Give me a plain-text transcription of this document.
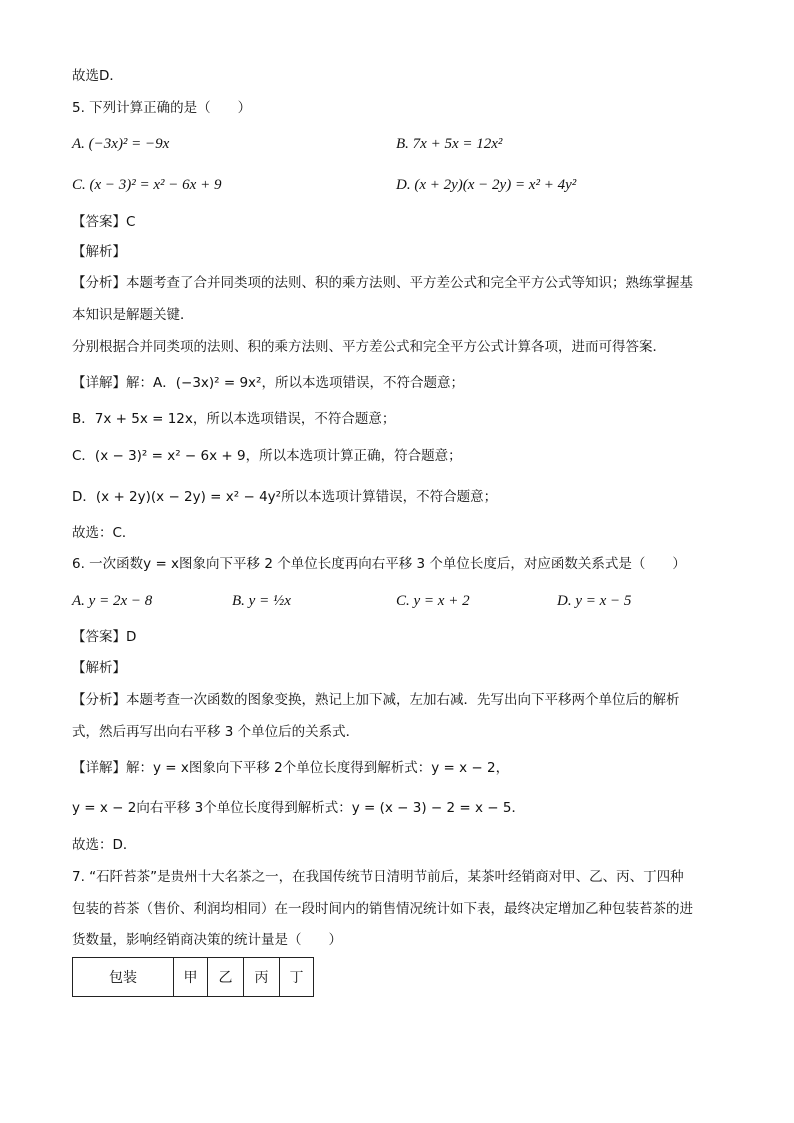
故选D．
5. 下列计算正确的是（　　）
A. (−3x)² = −9x	B. 7x + 5x = 12x²
C. (x − 3)² = x² − 6x + 9	D. (x + 2y)(x − 2y) = x² + 4y²
【答案】C
【解析】
【分析】本题考查了合并同类项的法则、积的乘方法则、平方差公式和完全平方公式等知识；熟练掌握基
本知识是解题关键．
分别根据合并同类项的法则、积的乘方法则、平方差公式和完全平方公式计算各项，进而可得答案．
【详解】解：A．(−3x)² = 9x²，所以本选项错误，不符合题意；
B．7x + 5x = 12x，所以本选项错误，不符合题意；
C．(x − 3)² = x² − 6x + 9，所以本选项计算正确，符合题意；
D．(x + 2y)(x − 2y) = x² − 4y²所以本选项计算错误，不符合题意；
故选：C．
6. 一次函数y = x图象向下平移 2 个单位长度再向右平移 3 个单位长度后，对应函数关系式是（　　）
A. y = 2x − 8	B. y = ½x	C. y = x + 2	D. y = x − 5
【答案】D
【解析】
【分析】本题考查一次函数的图象变换，熟记上加下减，左加右减．先写出向下平移两个单位后的解析
式，然后再写出向右平移 3 个单位后的关系式．
【详解】解：y = x图象向下平移 2个单位长度得到解析式：y = x − 2，
y = x − 2向右平移 3个单位长度得到解析式：y = (x − 3) − 2 = x − 5．
故选：D．
7. “石阡苔茶”是贵州十大名茶之一，在我国传统节日清明节前后，某茶叶经销商对甲、乙、丙、丁四种
包装的苔茶（售价、利润均相同）在一段时间内的销售情况统计如下表，最终决定增加乙种包装苔茶的进
货数量，影响经销商决策的统计量是（　　）
包装	甲	乙	丙	丁
